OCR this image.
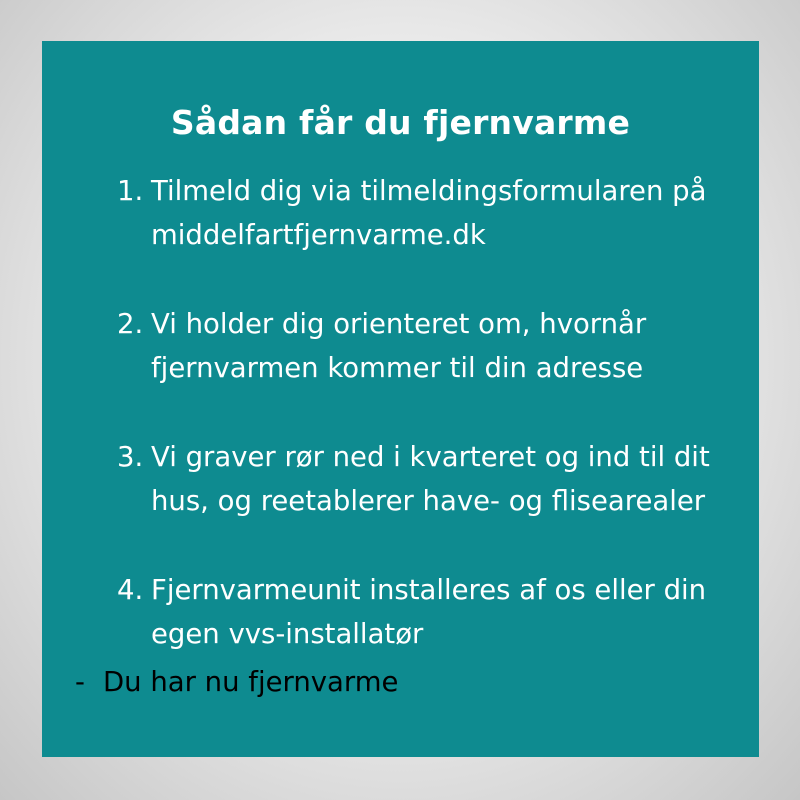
Sådan får du fjernvarme
1. Tilmeld dig via tilmeldingsformularen på
middelfartfjernvarme.dk
2. Vi holder dig orienteret om, hvornår
fjernvarmen kommer til din adresse
3. Vi graver rør ned i kvarteret og ind til dit
hus, og reetablerer have- og flisearealer
4. Fjernvarmeunit installeres af os eller din
egen vvs-installatør
- Du har nu fjernvarme
